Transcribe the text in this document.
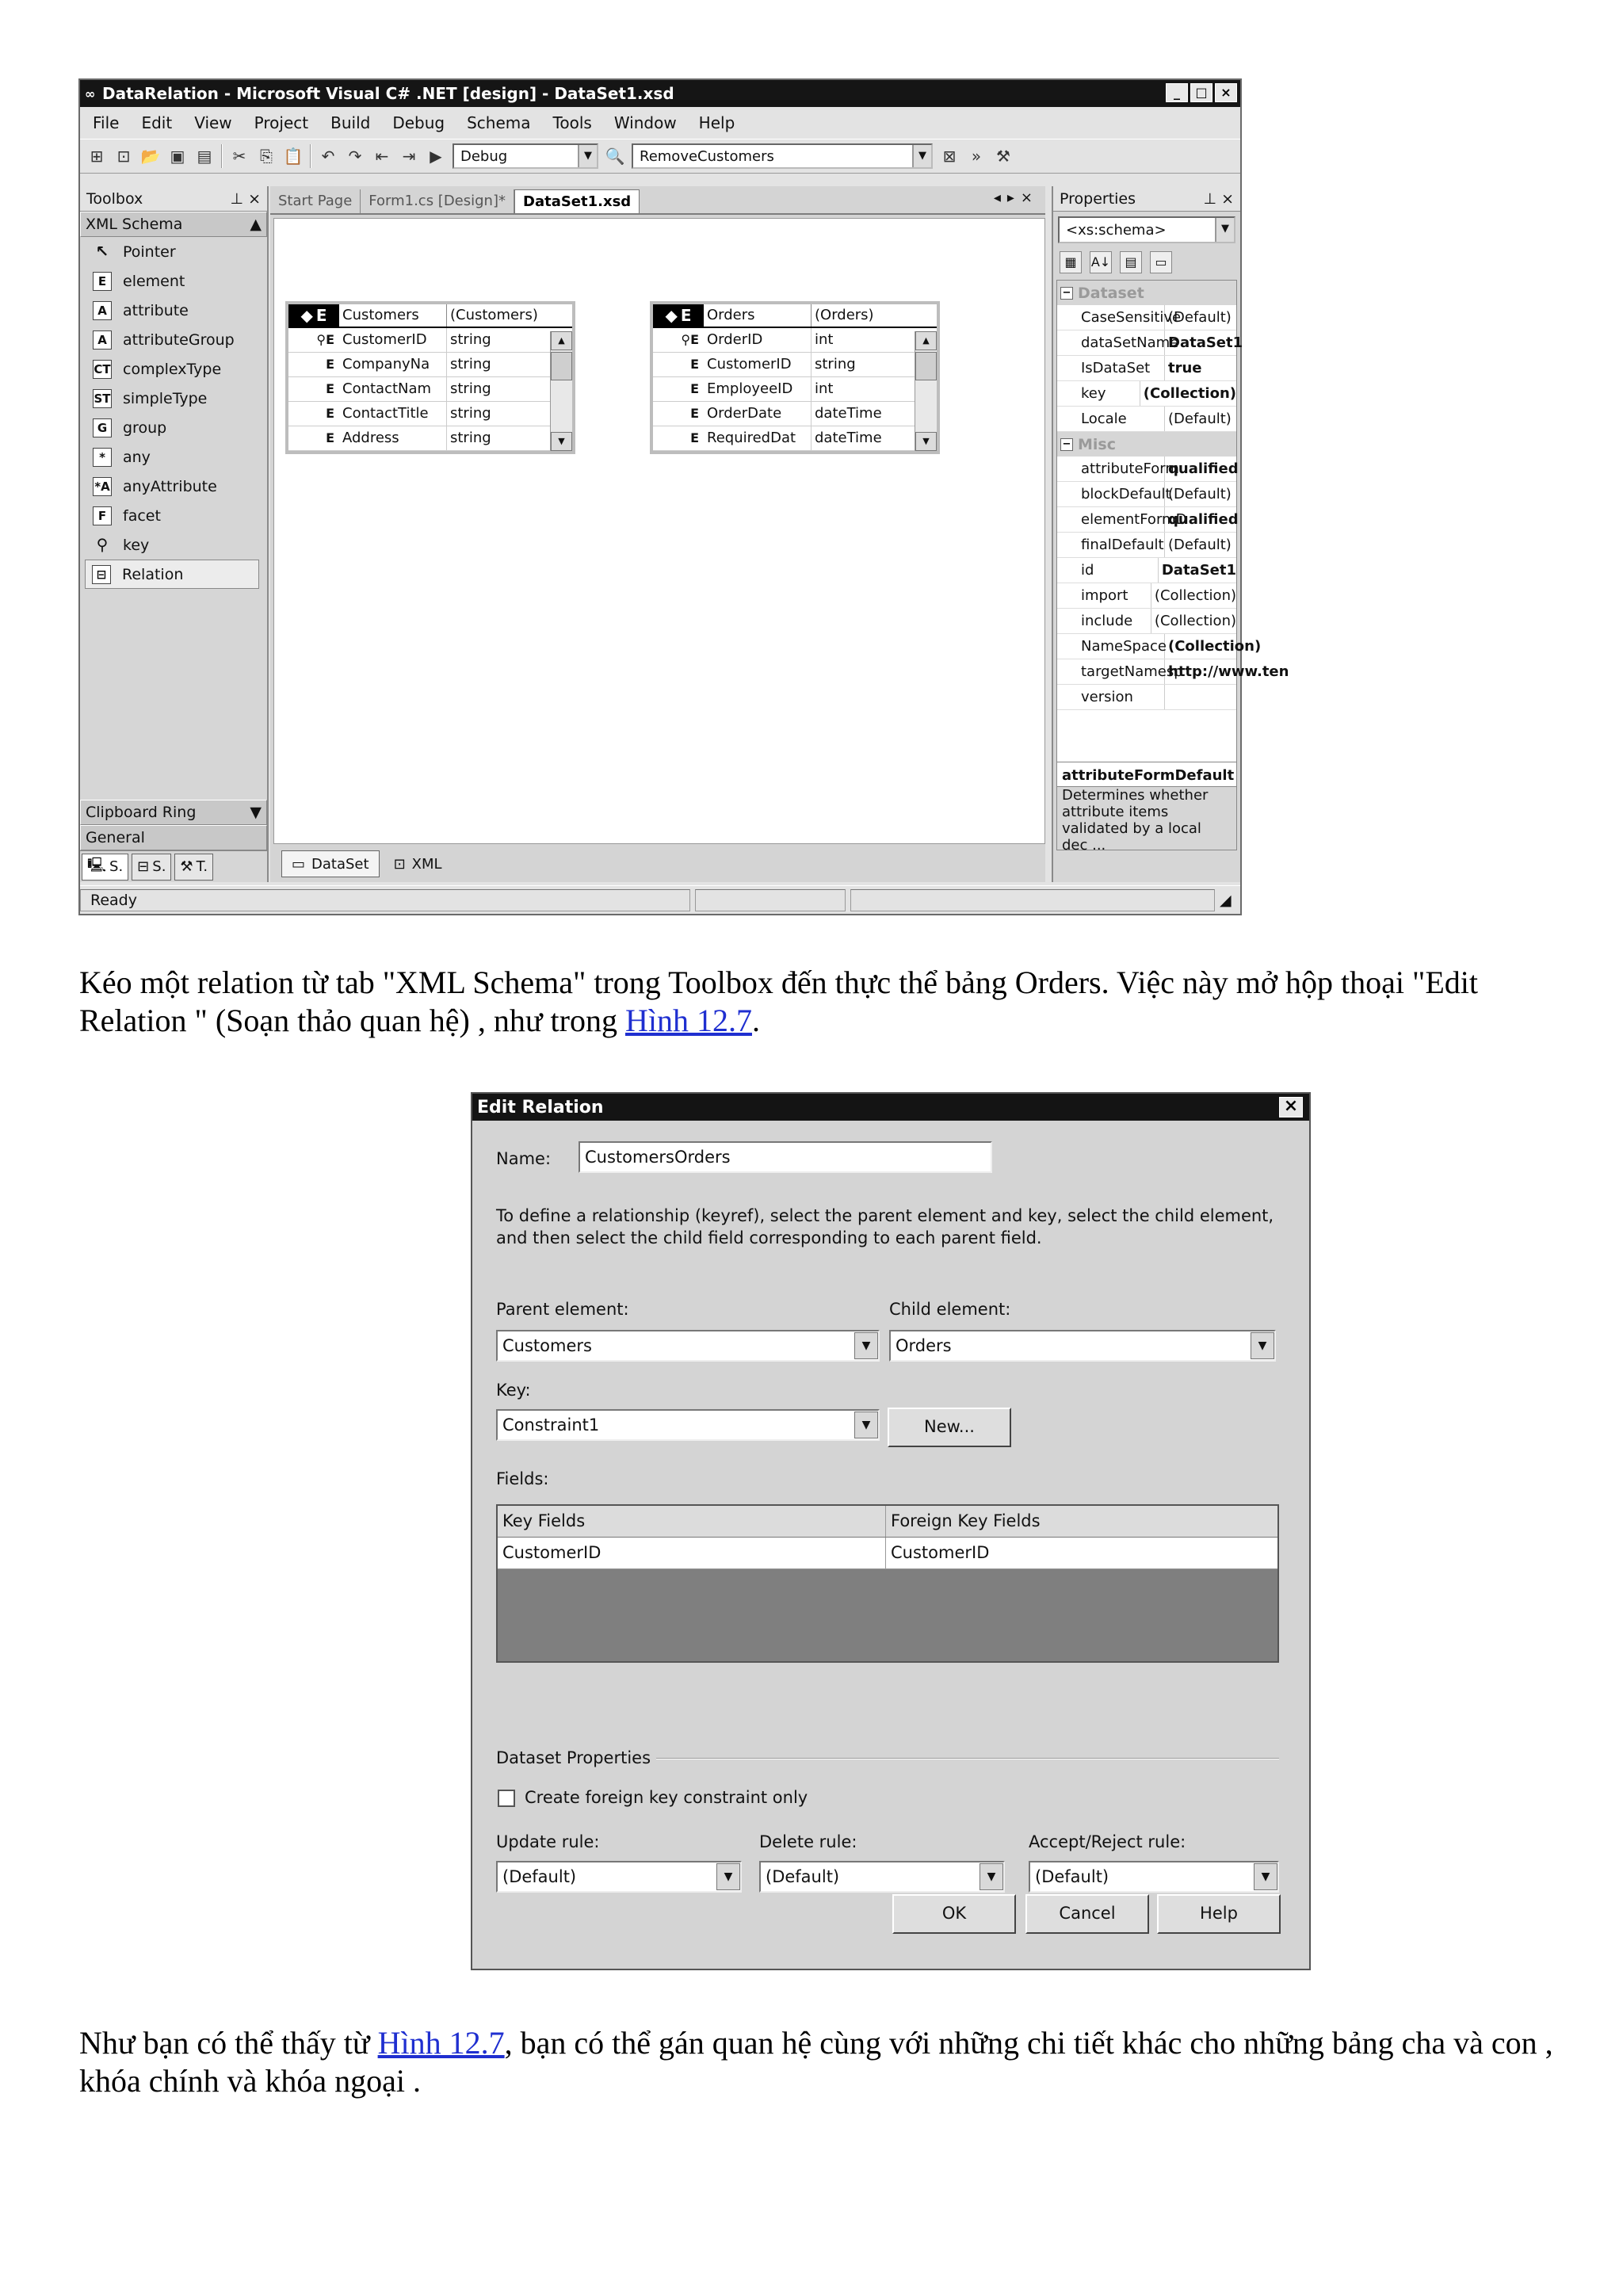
∞ DataRelation - Microsoft Visual C# .NET [design] - DataSet1.xsd	_	□	×
File Edit View Project Build Debug Schema Tools Window Help
⊞ ⊡ 📂 ▣ ▤ ✂ ⎘ 📋 ↶ ↷ ⇤ ⇥ ▶ Debug	▼ 🔍 RemoveCustomers	▼	⊠ » ⚒
Toolbox	⊥ ×
XML Schema	▲
↖ Pointer
E	element
A	attribute
A	attributeGroup
CT complexType
ST simpleType
G	group
*	any
*A anyAttribute
F	facet
⚲ key
⊟	Relation
Clipboard Ring	▼
General
🖳 S. ⊟ S. ⚒ T.
Start Page	Form1.cs [Design]*	DataSet1.xsd	◂▸×
◆ E Customers	(Customers)
⚲E CustomerID	string
E CompanyNa	string
E ContactNam	string
E ContactTitle	string
E Address	string
▲
▼
◆ E Orders	(Orders)
⚲E OrderID	int
E CustomerID	string
E EmployeeID	int
E OrderDate	dateTime
E RequiredDat	dateTime
▲
▼
▭ DataSet ⊡ XML
Properties	⊥ ×
<xs:schema>	▼
▦	A↓	▤	▭
− Dataset
CaseSensitive
(Default)
dataSetName
DataSet1
IsDataSet	true
key	(Collection)
Locale	(Default)
− Misc
attributeForm
qualified
blockDefault
(Default)
elementFormD
qualified
finalDefault (Default)
id	DataSet1
import	(Collection)
include	(Collection)
NameSpace (Collection)
targetNamesp
http://www.ten
version
attributeFormDefault
Determines whether attribute items validated by a local dec ...
Ready	◢

Kéo một relation từ tab "XML Schema" trong Toolbox đến thực thể bảng Orders. Việc này mở hộp thoại "Edit Relation " (Soạn thảo quan hệ) , như trong Hình 12.7.

Edit Relation	×
Name: CustomersOrders
To define a relationship (keyref), select the parent element and key, select the child element,
and then select the child field corresponding to each parent field.
Parent element:
Customers	▼
Child element:
Orders	▼
Key:
Constraint1	▼	New...
Fields:
Key Fields	Foreign Key Fields
CustomerID	CustomerID
Dataset Properties
Create foreign key constraint only
Update rule:
(Default)	▼
Delete rule:
(Default)	▼
Accept/Reject rule:
(Default)	▼
OK	Cancel	Help

Như bạn có thể thấy từ Hình 12.7, bạn có thể gán quan hệ cùng với những chi tiết khác cho những bảng cha và con , khóa chính và khóa ngoại .
